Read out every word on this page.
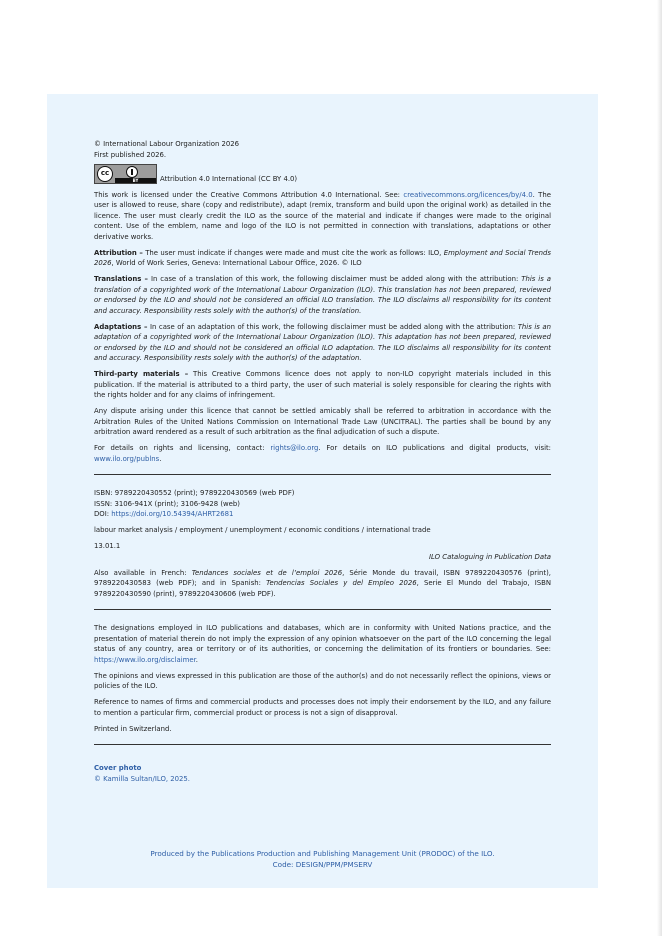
© International Labour Organization 2026

First published 2026.

cc
BY	Attribution 4.0 International (CC BY 4.0)

This work is licensed under the Creative Commons Attribution 4.0 International. See: creativecommons.org/licences/by/4.0. The user is allowed to reuse, share (copy and redistribute), adapt (remix, transform and build upon the original work) as detailed in the licence. The user must clearly credit the ILO as the source of the material and indicate if changes were made to the original content. Use of the emblem, name and logo of the ILO is not permitted in connection with translations, adaptations or other derivative works.

Attribution – The user must indicate if changes were made and must cite the work as follows: ILO, Employment and Social Trends 2026, World of Work Series, Geneva: International Labour Office, 2026. © ILO

Translations – In case of a translation of this work, the following disclaimer must be added along with the attribution: This is a translation of a copyrighted work of the International Labour Organization (ILO). This translation has not been prepared, reviewed or endorsed by the ILO and should not be considered an official ILO translation. The ILO disclaims all responsibility for its content and accuracy. Responsibility rests solely with the author(s) of the translation.

Adaptations – In case of an adaptation of this work, the following disclaimer must be added along with the attribution: This is an adaptation of a copyrighted work of the International Labour Organization (ILO). This adaptation has not been prepared, reviewed or endorsed by the ILO and should not be considered an official ILO adaptation. The ILO disclaims all responsibility for its content and accuracy. Responsibility rests solely with the author(s) of the adaptation.

Third-party materials – This Creative Commons licence does not apply to non-ILO copyright materials included in this publication. If the material is attributed to a third party, the user of such material is solely responsible for clearing the rights with the rights holder and for any claims of infringement.

Any dispute arising under this licence that cannot be settled amicably shall be referred to arbitration in accordance with the Arbitration Rules of the United Nations Commission on International Trade Law (UNCITRAL). The parties shall be bound by any arbitration award rendered as a result of such arbitration as the final adjudication of such a dispute.

For details on rights and licensing, contact: rights@ilo.org. For details on ILO publications and digital products, visit: www.ilo.org/publns.

ISBN: 9789220430552 (print); 9789220430569 (web PDF)

ISSN: 3106-941X (print); 3106-9428 (web)

DOI: https://doi.org/10.54394/AHRT2681

labour market analysis / employment / unemployment / economic conditions / international trade

13.01.1

ILO Cataloguing in Publication Data

Also available in French: Tendances sociales et de l’emploi 2026, Série Monde du travail, ISBN 9789220430576 (print), 9789220430583 (web PDF); and in Spanish: Tendencias Sociales y del Empleo 2026, Serie El Mundo del Trabajo, ISBN 9789220430590 (print), 9789220430606 (web PDF).

The designations employed in ILO publications and databases, which are in conformity with United Nations practice, and the presentation of material therein do not imply the expression of any opinion whatsoever on the part of the ILO concerning the legal status of any country, area or territory or of its authorities, or concerning the delimitation of its frontiers or boundaries. See: https://www.ilo.org/disclaimer.

The opinions and views expressed in this publication are those of the author(s) and do not necessarily reflect the opinions, views or policies of the ILO.

Reference to names of firms and commercial products and processes does not imply their endorsement by the ILO, and any failure to mention a particular firm, commercial product or process is not a sign of disapproval.

Printed in Switzerland.

Cover photo

© Kamilla Sultan/ILO, 2025.

Produced by the Publications Production and Publishing Management Unit (PRODOC) of the ILO.

Code: DESIGN/PPM/PMSERV
